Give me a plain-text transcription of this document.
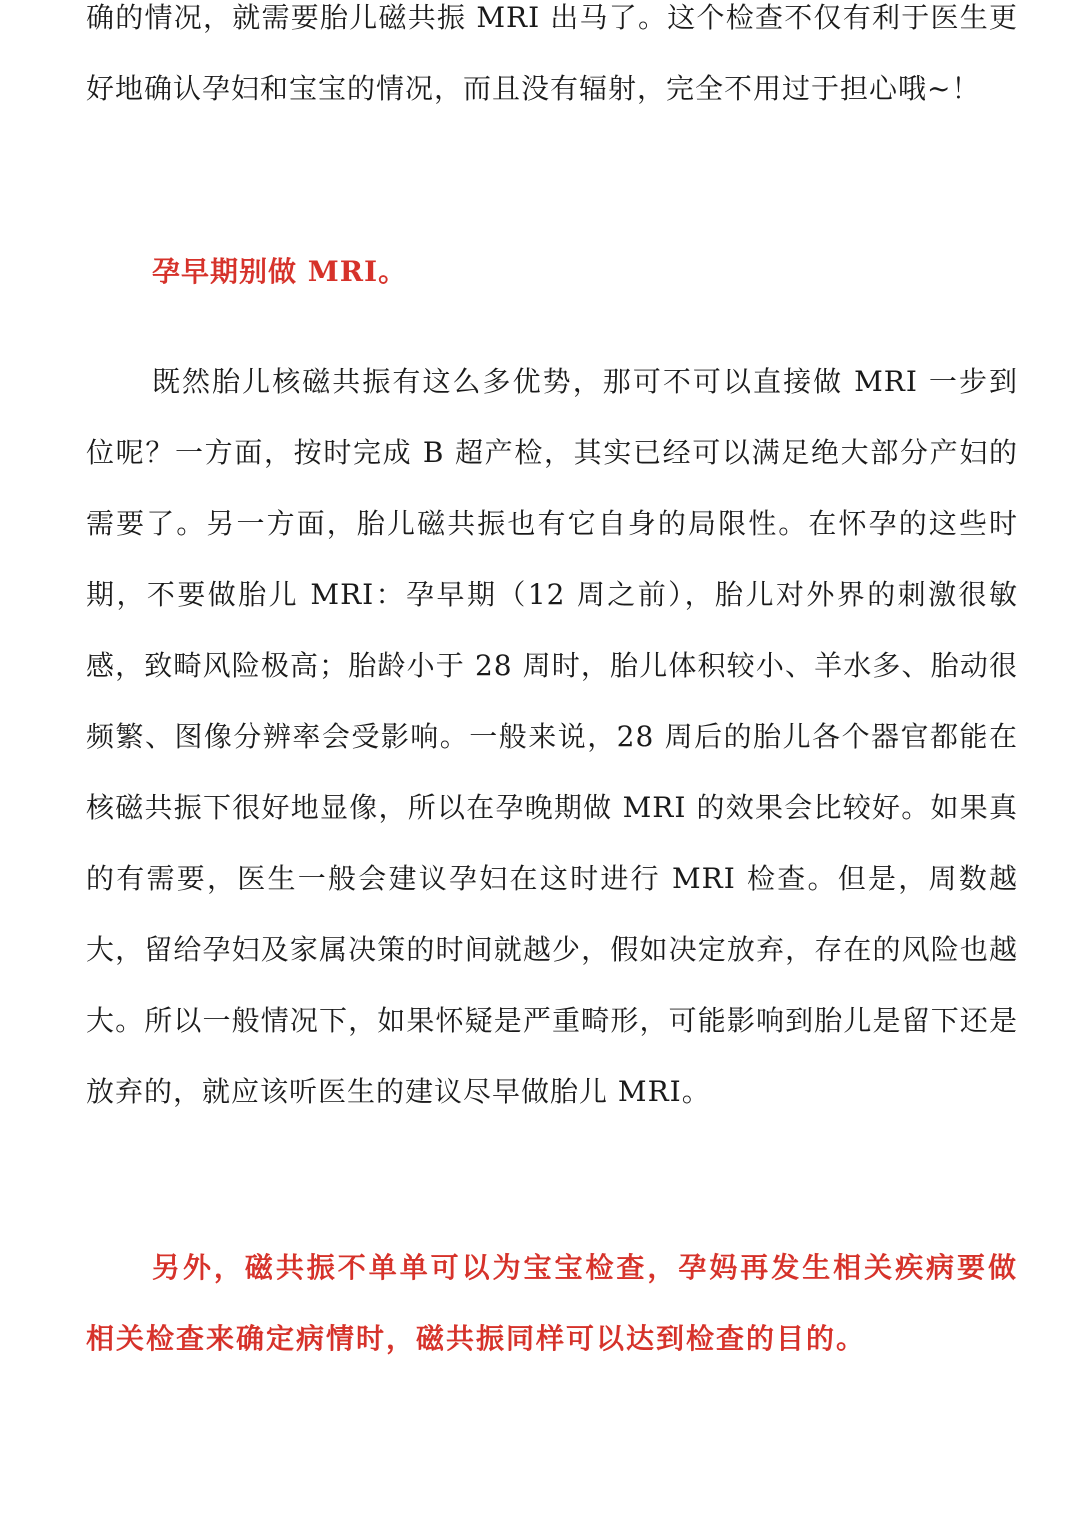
确的情况，就需要胎儿磁共振 MRI 出马了。这个检查不仅有利于医生更好地确认孕妇和宝宝的情况，而且没有辐射，完全不用过于担心哦~！

孕早期别做 MRI。

既然胎儿核磁共振有这么多优势，那可不可以直接做 MRI 一步到位呢？一方面，按时完成 B 超产检，其实已经可以满足绝大部分产妇的需要了。另一方面，胎儿磁共振也有它自身的局限性。在怀孕的这些时期，不要做胎儿 MRI：孕早期（12 周之前），胎儿对外界的刺激很敏感，致畸风险极高；胎龄小于 28 周时，胎儿体积较小、羊水多、胎动很频繁、图像分辨率会受影响。一般来说，28 周后的胎儿各个器官都能在核磁共振下很好地显像，所以在孕晚期做 MRI 的效果会比较好。如果真的有需要，医生一般会建议孕妇在这时进行 MRI 检查。但是，周数越大，留给孕妇及家属决策的时间就越少，假如决定放弃，存在的风险也越大。所以一般情况下，如果怀疑是严重畸形，可能影响到胎儿是留下还是放弃的，就应该听医生的建议尽早做胎儿 MRI。

另外，磁共振不单单可以为宝宝检查，孕妈再发生相关疾病要做相关检查来确定病情时，磁共振同样可以达到检查的目的。
